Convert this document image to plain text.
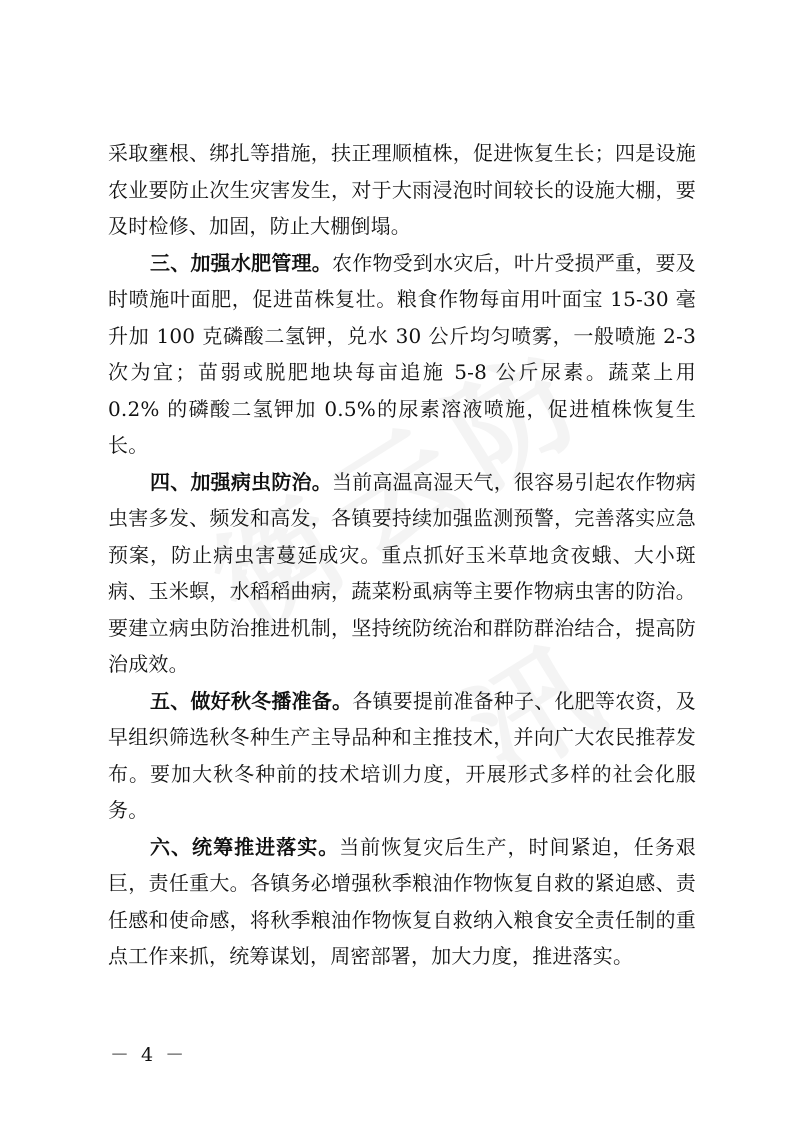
采取壅根、绑扎等措施，扶正理顺植株，促进恢复生长；四是设施农业要防止次生灾害发生，对于大雨浸泡时间较长的设施大棚，要及时检修、加固，防止大棚倒塌。

三、加强水肥管理。农作物受到水灾后，叶片受损严重，要及时喷施叶面肥，促进苗株复壮。粮食作物每亩用叶面宝 15-30 毫升加 100 克磷酸二氢钾，兑水 30 公斤均匀喷雾，一般喷施 2-3 次为宜；苗弱或脱肥地块每亩追施 5-8 公斤尿素。蔬菜上用 0.2% 的磷酸二氢钾加 0.5%的尿素溶液喷施，促进植株恢复生长。

四、加强病虫防治。当前高温高湿天气，很容易引起农作物病虫害多发、频发和高发，各镇要持续加强监测预警，完善落实应急预案，防止病虫害蔓延成灾。重点抓好玉米草地贪夜蛾、大小斑病、玉米螟，水稻稻曲病，蔬菜粉虱病等主要作物病虫害的防治。要建立病虫防治推进机制，坚持统防统治和群防群治结合，提高防治成效。

五、做好秋冬播准备。各镇要提前准备种子、化肥等农资，及早组织筛选秋冬种生产主导品种和主推技术，并向广大农民推荐发布。要加大秋冬种前的技术培训力度，开展形式多样的社会化服务。

六、统筹推进落实。当前恢复灾后生产，时间紧迫，任务艰巨，责任重大。各镇务必增强秋季粮油作物恢复自救的紧迫感、责任感和使命感，将秋季粮油作物恢复自救纳入粮食安全责任制的重点工作来抓，统筹谋划，周密部署，加大力度，推进落实。

－ 4 －
